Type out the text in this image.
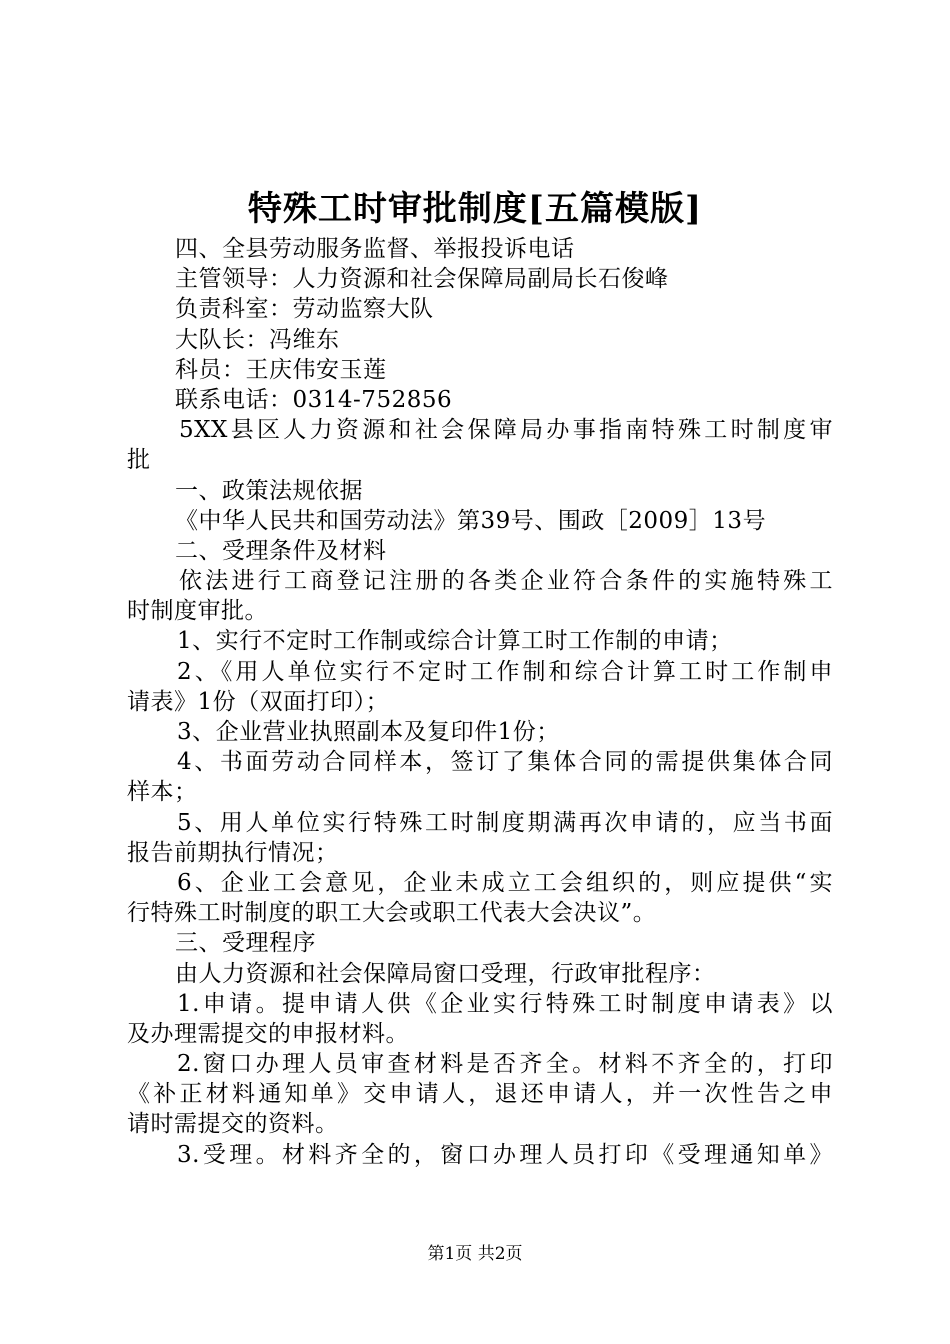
特殊工时审批制度[五篇模版]
四、全县劳动服务监督、举报投诉电话
主管领导：人力资源和社会保障局副局长石俊峰
负责科室：劳动监察大队
大队长：冯维东
科员：王庆伟安玉莲
联系电话：0314-752856
5XX县区人力资源和社会保障局办事指南特殊工时制度审
批
一、政策法规依据
《中华人民共和国劳动法》第39号、围政［2009］13号
二、受理条件及材料
依法进行工商登记注册的各类企业符合条件的实施特殊工
时制度审批。
1、实行不定时工作制或综合计算工时工作制的申请；
2、《用人单位实行不定时工作制和综合计算工时工作制申
请表》1份（双面打印）；
3、企业营业执照副本及复印件1份；
4、书面劳动合同样本，签订了集体合同的需提供集体合同
样本；
5、用人单位实行特殊工时制度期满再次申请的，应当书面
报告前期执行情况；
6、企业工会意见，企业未成立工会组织的，则应提供“实
行特殊工时制度的职工大会或职工代表大会决议”。
三、受理程序
由人力资源和社会保障局窗口受理，行政审批程序：
1.申请。提申请人供《企业实行特殊工时制度申请表》以
及办理需提交的申报材料。
2.窗口办理人员审查材料是否齐全。材料不齐全的，打印
《补正材料通知单》交申请人，退还申请人，并一次性告之申
请时需提交的资料。
3.受理。材料齐全的，窗口办理人员打印《受理通知单》
第1页 共2页
